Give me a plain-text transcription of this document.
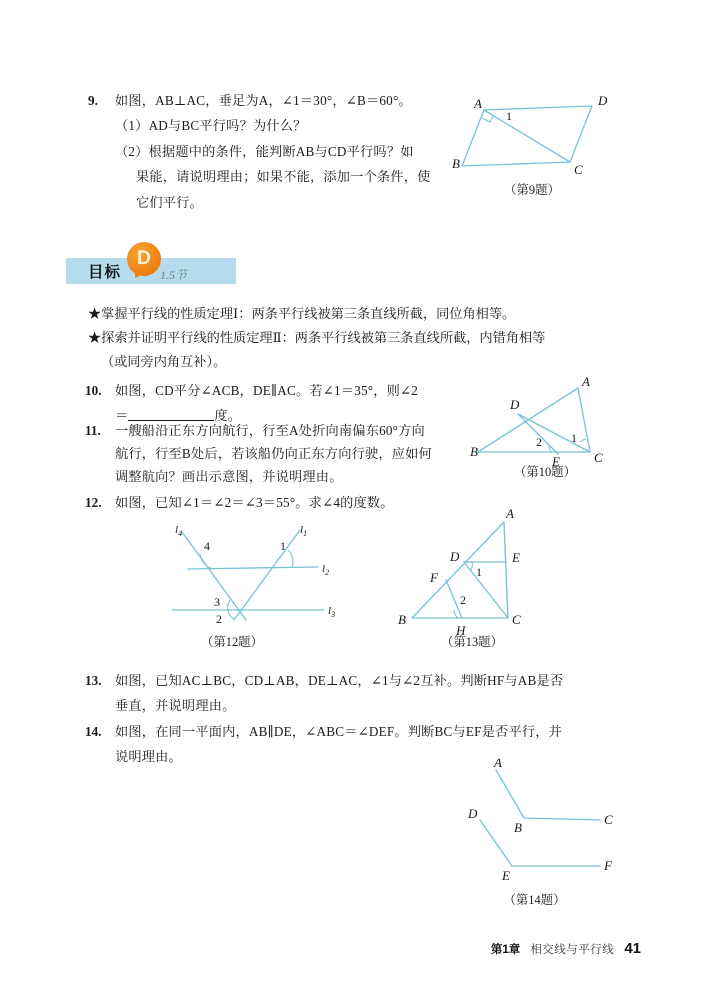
9. 如图，AB⊥AC，垂足为A，∠1＝30°，∠B＝60°。
（1）AD与BC平行吗？为什么？
（2）根据题中的条件，能判断AB与CD平行吗？如
果能，请说明理由；如果不能，添加一个条件，使
它们平行。
A	D
C
B
1
（第9题）
目标	1.5节
D
★掌握平行线的性质定理Ⅰ：两条平行线被第三条直线所截，同位角相等。
★探索并证明平行线的性质定理Ⅱ：两条平行线被第三条直线所截，内错角相等
（或同旁内角互补）。
10. 如图，CD平分∠ACB，DE∥AC。若∠1＝35°，则∠2
＝	度。
A
D
B	C
E
1
2
（第10题）
11. 一艘船沿正东方向航行，行至A处折向南偏东60°方向
航行，行至B处后，若该船仍向正东方向行驶，应如何
调整航向？画出示意图，并说明理由。
12. 如图，已知∠1＝∠2＝∠3＝55°。求∠4的度数。
$l_4$	$l_1$
$l_2$
$l_3$
4	1
3
2
（第12题）
A
D	E
F
B	C
H
1
2
（第13题）
13. 如图，已知AC⊥BC，CD⊥AB，DE⊥AC，∠1与∠2互补。判断HF与AB是否
垂直，并说明理由。
14. 如图，在同一平面内，AB∥DE，∠ABC＝∠DEF。判断BC与EF是否平行，并
说明理由。	A
B
C
D
E
F
（第14题）
第1章 相交线与平行线 41
